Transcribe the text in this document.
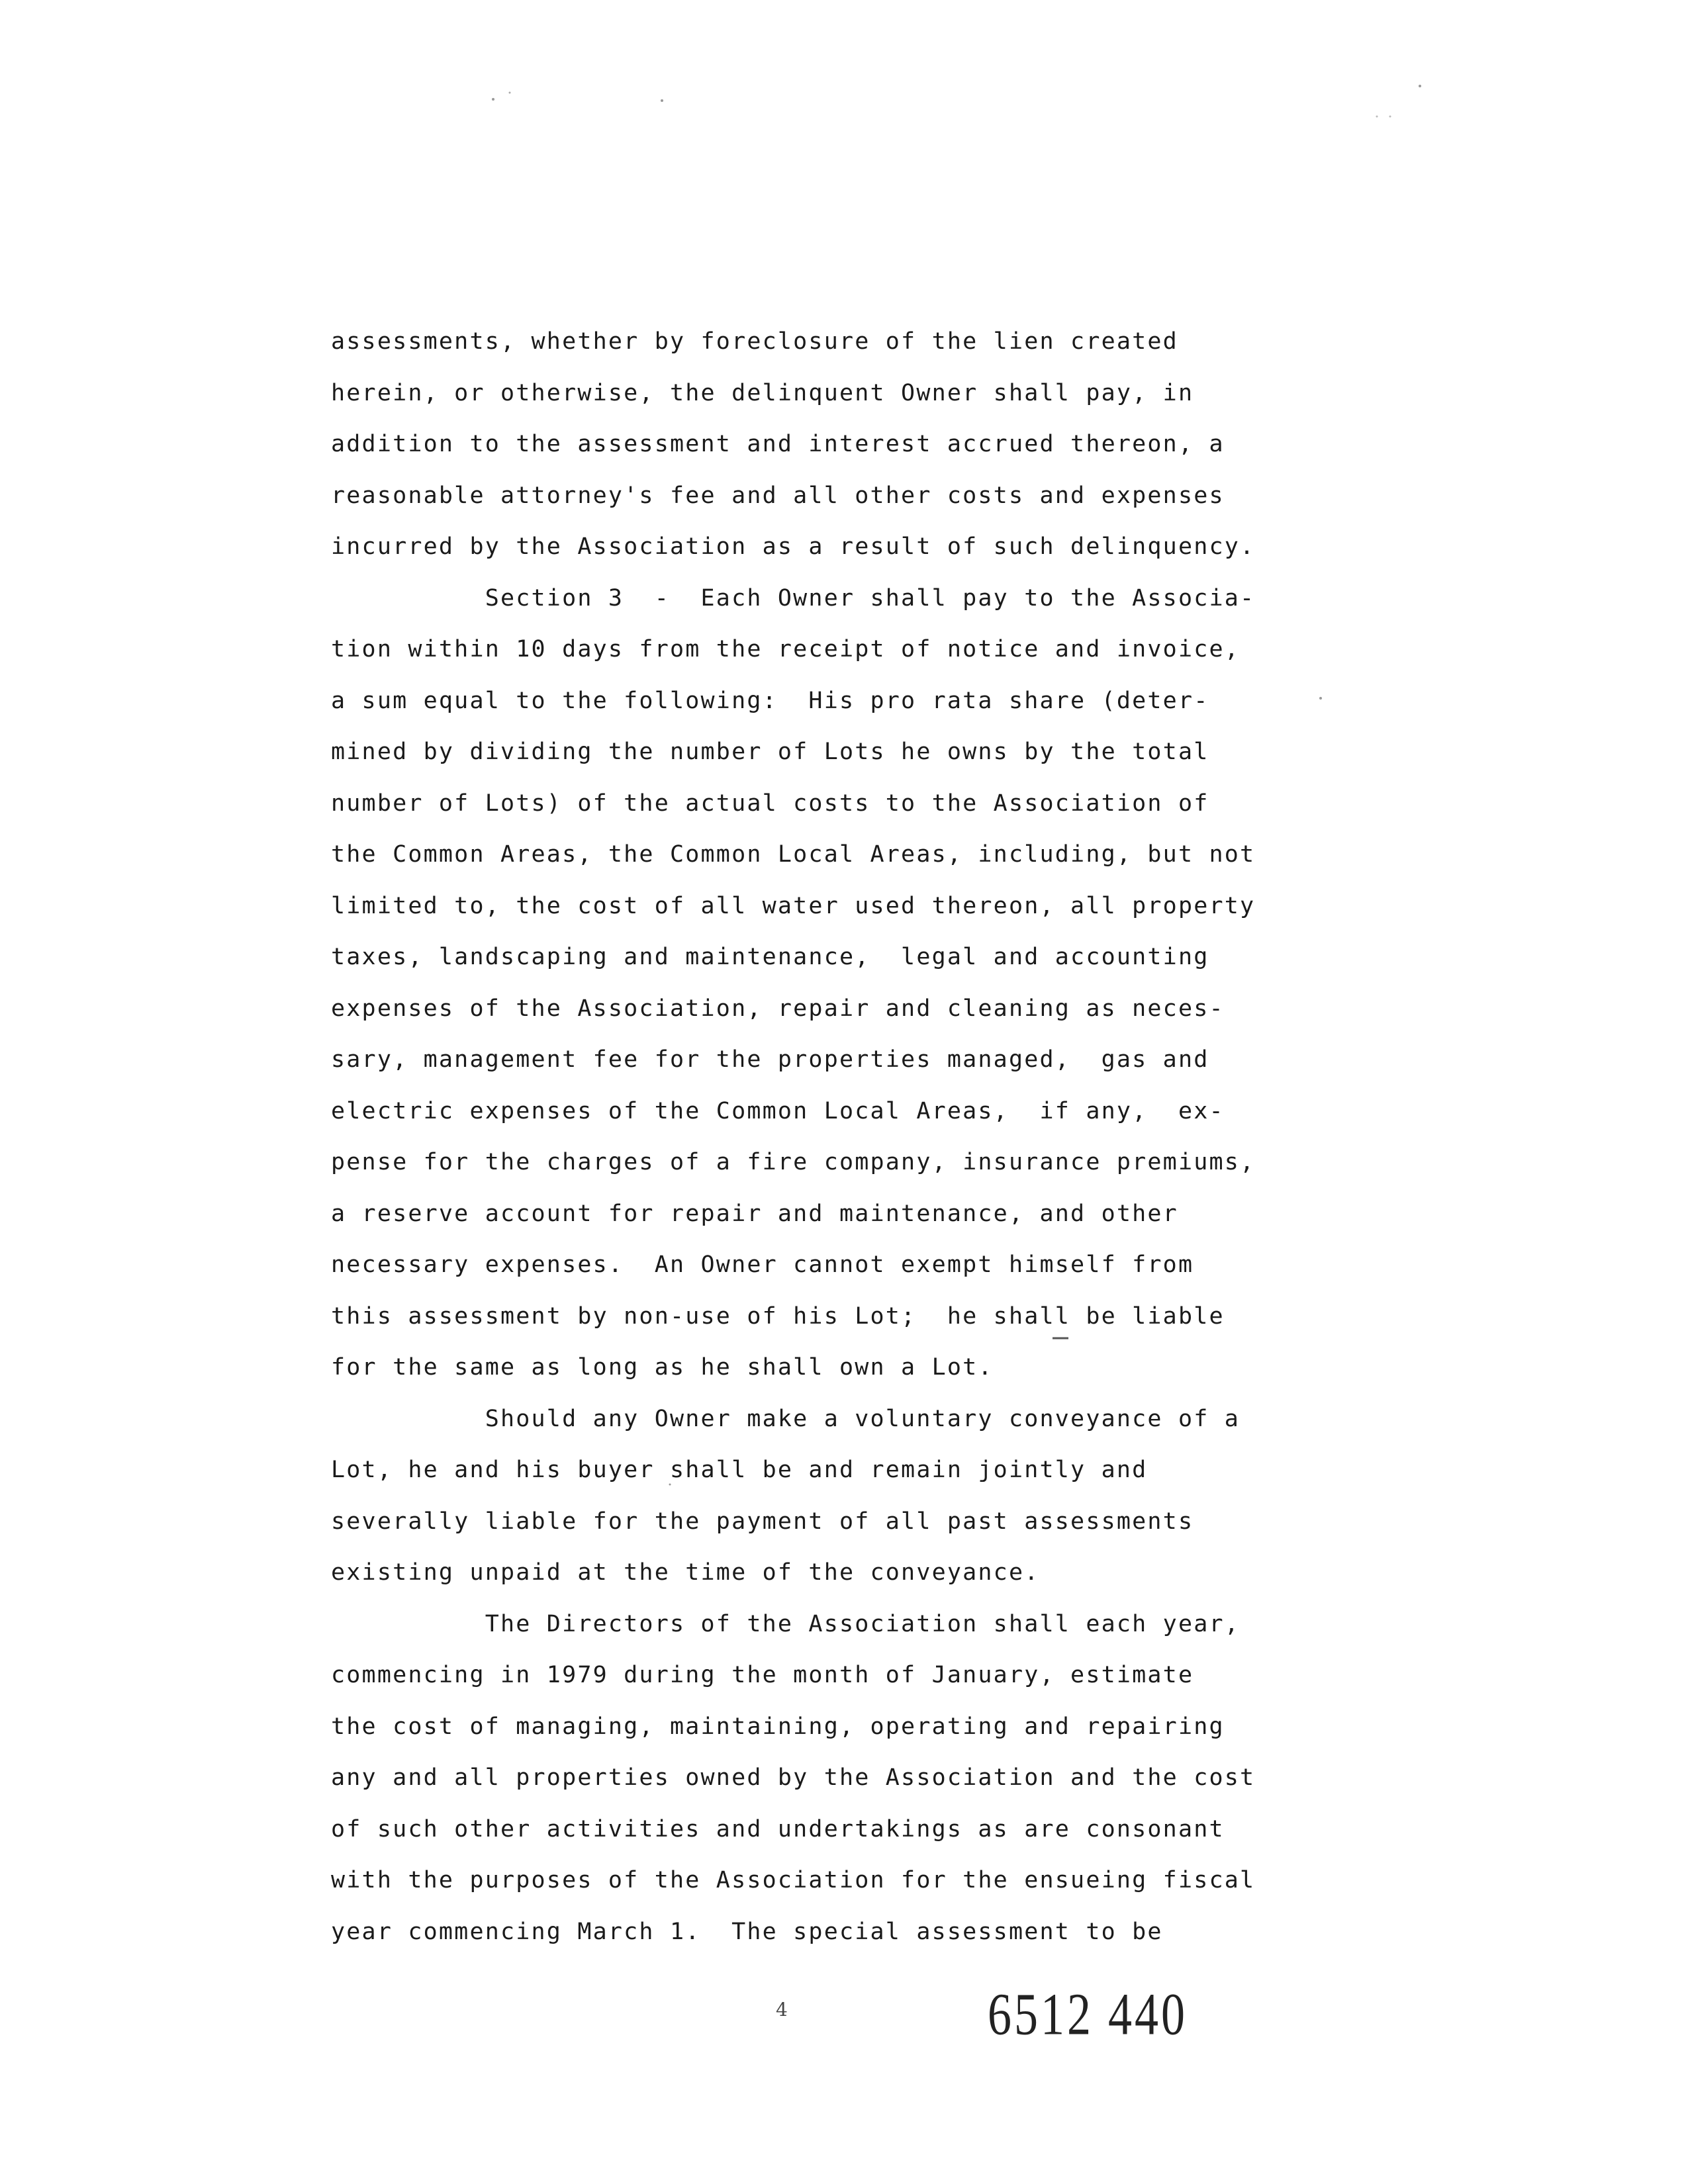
assessments, whether by foreclosure of the lien created
herein, or otherwise, the delinquent Owner shall pay, in
addition to the assessment and interest accrued thereon, a
reasonable attorney's fee and all other costs and expenses
incurred by the Association as a result of such delinquency.
Section 3  -  Each Owner shall pay to the Associa-
tion within 10 days from the receipt of notice and invoice,
a sum equal to the following:  His pro rata share (deter-
mined by dividing the number of Lots he owns by the total
number of Lots) of the actual costs to the Association of
the Common Areas, the Common Local Areas, including, but not
limited to, the cost of all water used thereon, all property
taxes, landscaping and maintenance,  legal and accounting
expenses of the Association, repair and cleaning as neces-
sary, management fee for the properties managed,  gas and
electric expenses of the Common Local Areas,  if any,  ex-
pense for the charges of a fire company, insurance premiums,
a reserve account for repair and maintenance, and other
necessary expenses.  An Owner cannot exempt himself from
this assessment by non-use of his Lot;  he shall be liable
for the same as long as he shall own a Lot.
Should any Owner make a voluntary conveyance of a
Lot, he and his buyer shall be and remain jointly and
severally liable for the payment of all past assessments
existing unpaid at the time of the conveyance.
The Directors of the Association shall each year,
commencing in 1979 during the month of January, estimate
the cost of managing, maintaining, operating and repairing
any and all properties owned by the Association and the cost
of such other activities and undertakings as are consonant
with the purposes of the Association for the ensueing fiscal
year commencing March 1.  The special assessment to be
4	6512 440
